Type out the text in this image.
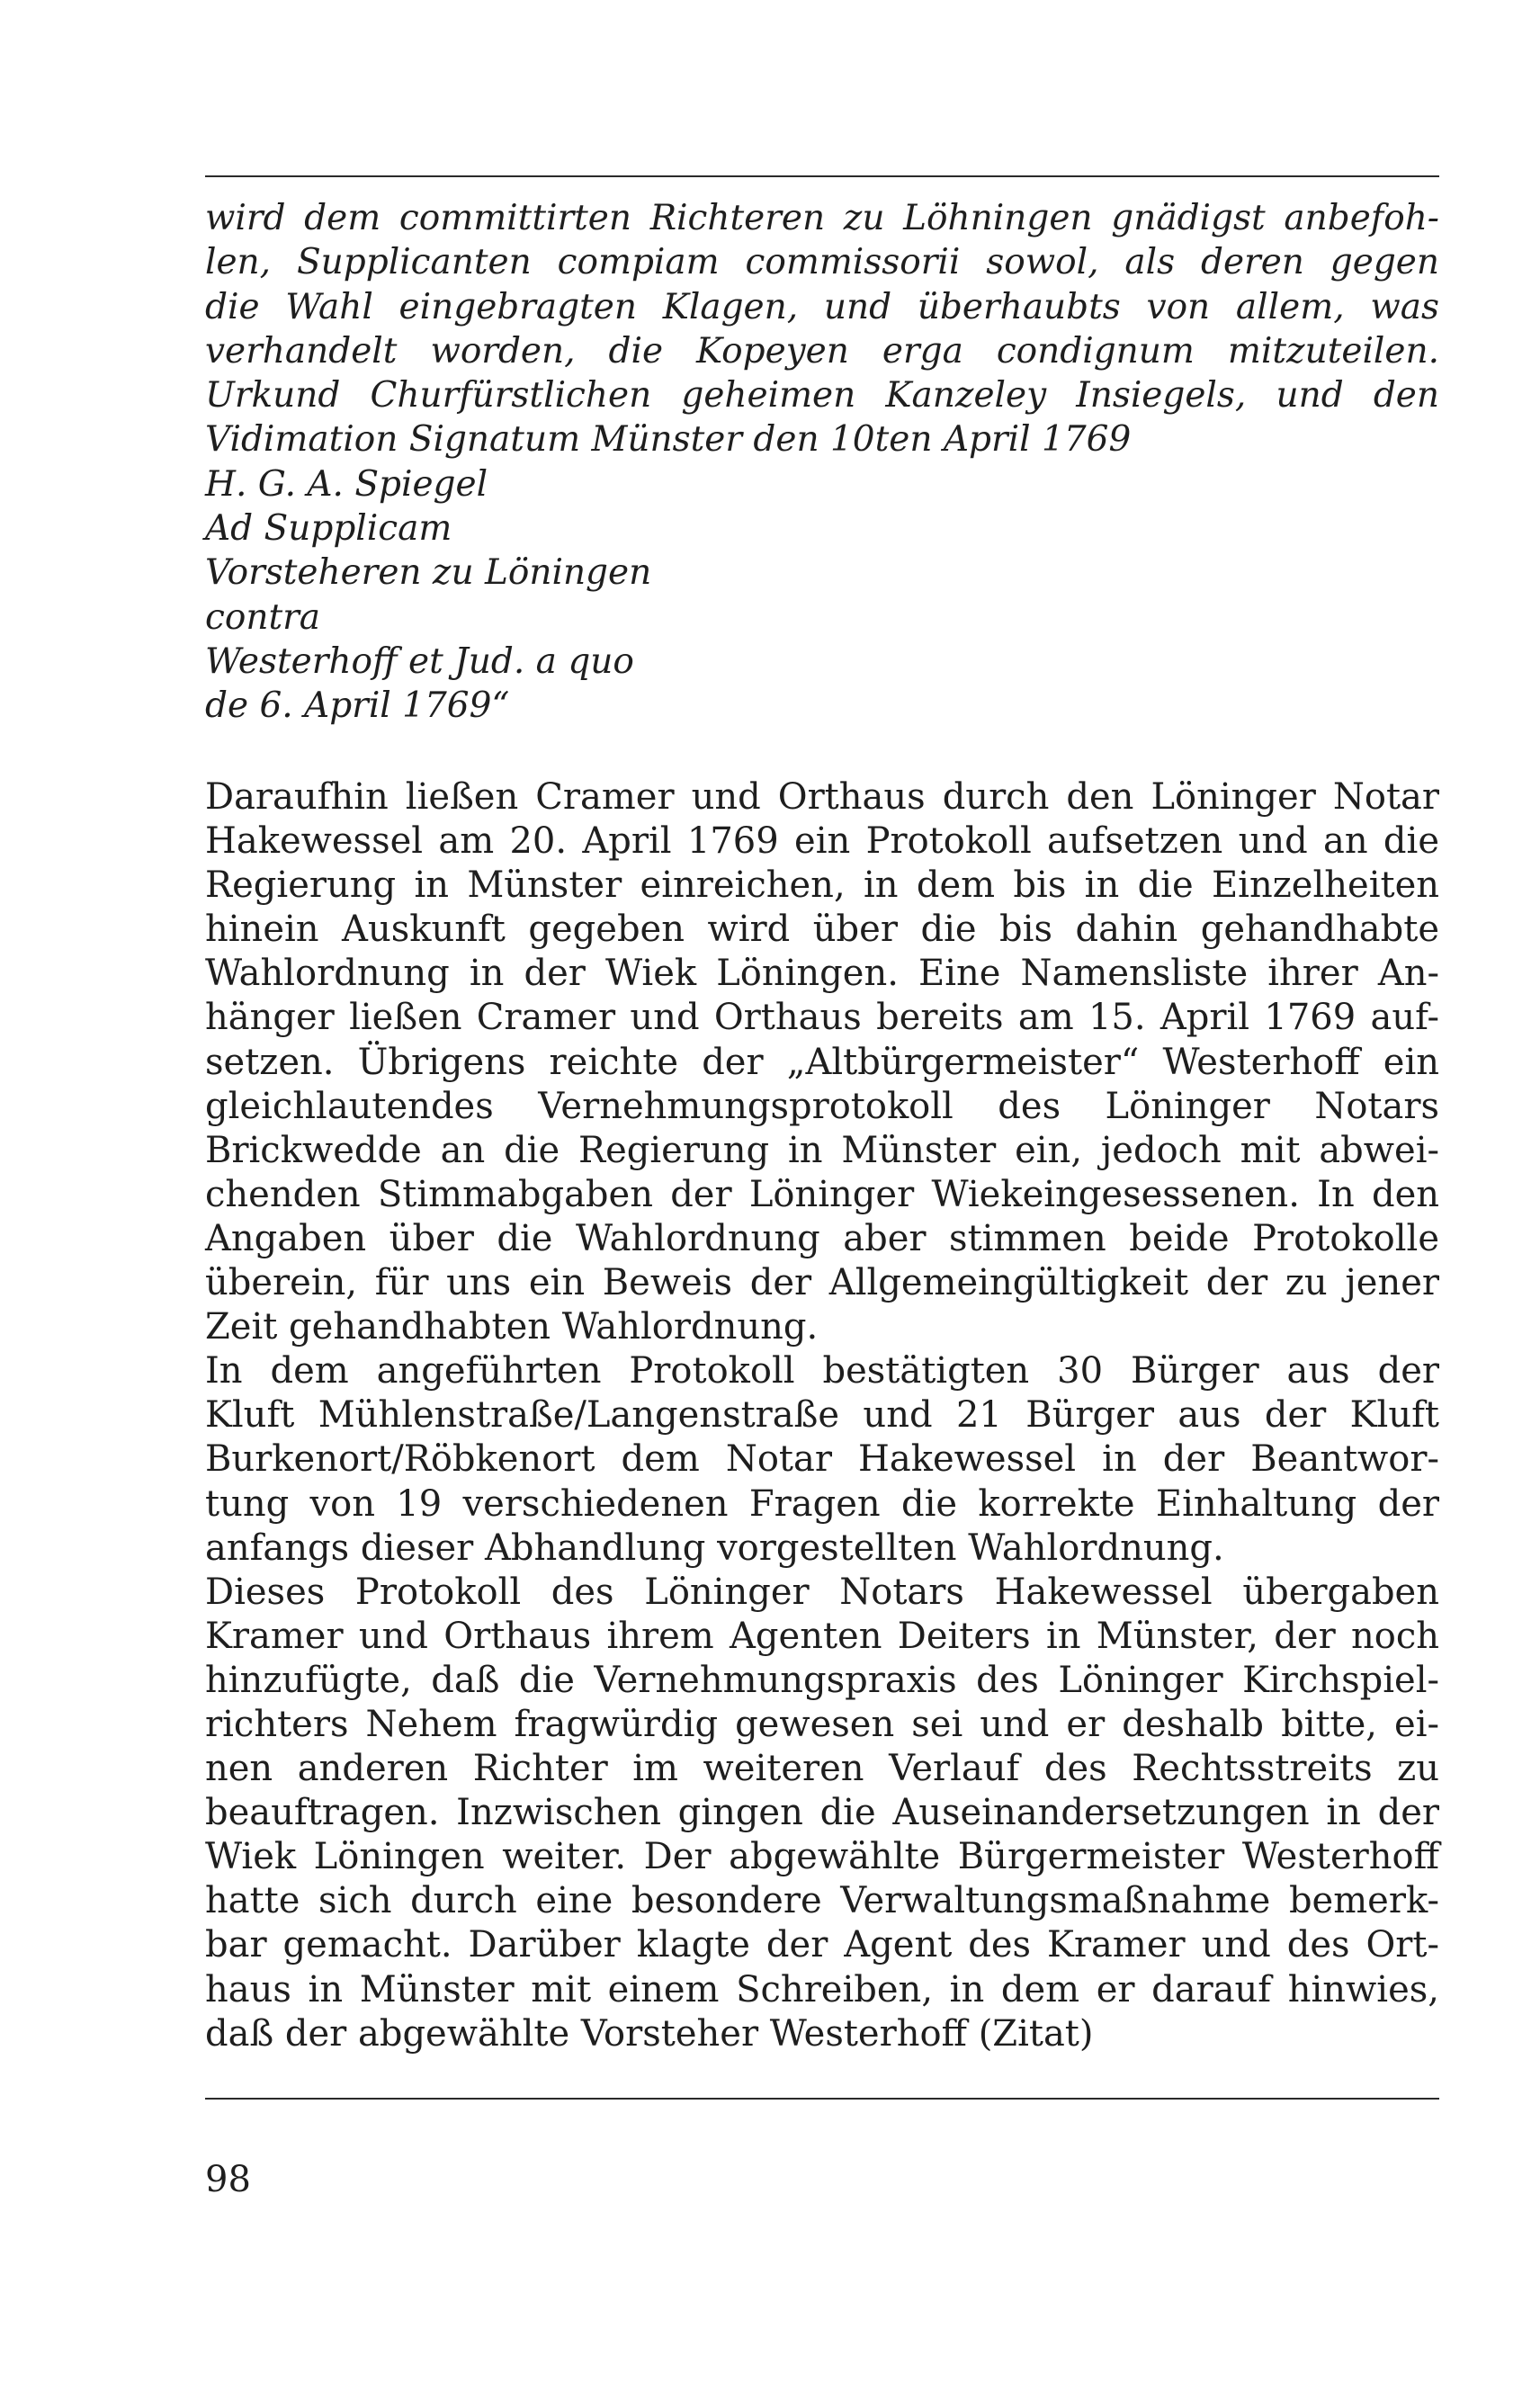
wird dem committirten Richteren zu Löhningen gnädigst anbefoh-
len, Supplicanten compiam commissorii sowol, als deren gegen
die Wahl eingebragten Klagen, und überhaubts von allem, was
verhandelt worden, die Kopeyen erga condignum mitzuteilen.
Urkund Churfürstlichen geheimen Kanzeley Insiegels, und den
Vidimation Signatum Münster den 10ten April 1769
H. G. A. Spiegel
Ad Supplicam
Vorsteheren zu Löningen
contra
Westerhoff et Jud. a quo
de 6. April 1769“
Daraufhin ließen Cramer und Orthaus durch den Löninger Notar
Hakewessel am 20. April 1769 ein Protokoll aufsetzen und an die
Regierung in Münster einreichen, in dem bis in die Einzelheiten
hinein Auskunft gegeben wird über die bis dahin gehandhabte
Wahlordnung in der Wiek Löningen. Eine Namensliste ihrer An-
hänger ließen Cramer und Orthaus bereits am 15. April 1769 auf-
setzen. Übrigens reichte der „Altbürgermeister“ Westerhoff ein
gleichlautendes Vernehmungsprotokoll des Löninger Notars
Brickwedde an die Regierung in Münster ein, jedoch mit abwei-
chenden Stimmabgaben der Löninger Wiekeingesessenen. In den
Angaben über die Wahlordnung aber stimmen beide Protokolle
überein, für uns ein Beweis der Allgemeingültigkeit der zu jener
Zeit gehandhabten Wahlordnung.
In dem angeführten Protokoll bestätigten 30 Bürger aus der
Kluft Mühlenstraße/Langenstraße und 21 Bürger aus der Kluft
Burkenort/Röbkenort dem Notar Hakewessel in der Beantwor-
tung von 19 verschiedenen Fragen die korrekte Einhaltung der
anfangs dieser Abhandlung vorgestellten Wahlordnung.
Dieses Protokoll des Löninger Notars Hakewessel übergaben
Kramer und Orthaus ihrem Agenten Deiters in Münster, der noch
hinzufügte, daß die Vernehmungspraxis des Löninger Kirchspiel-
richters Nehem fragwürdig gewesen sei und er deshalb bitte, ei-
nen anderen Richter im weiteren Verlauf des Rechtsstreits zu
beauftragen. Inzwischen gingen die Auseinandersetzungen in der
Wiek Löningen weiter. Der abgewählte Bürgermeister Westerhoff
hatte sich durch eine besondere Verwaltungsmaßnahme bemerk-
bar gemacht. Darüber klagte der Agent des Kramer und des Ort-
haus in Münster mit einem Schreiben, in dem er darauf hinwies,
daß der abgewählte Vorsteher Westerhoff (Zitat)
98
